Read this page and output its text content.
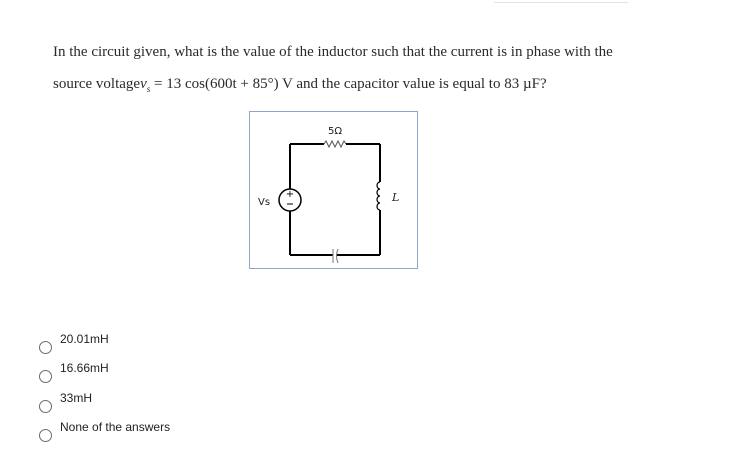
In the circuit given, what is the value of the inductor such that the current is in phase with the

source voltagev$_s$ = 13 cos(600t + 85°) V and the capacitor value is equal to 83 µF?

5Ω
+
Vs	L
20.01mH
16.66mH
33mH
None of the answers
